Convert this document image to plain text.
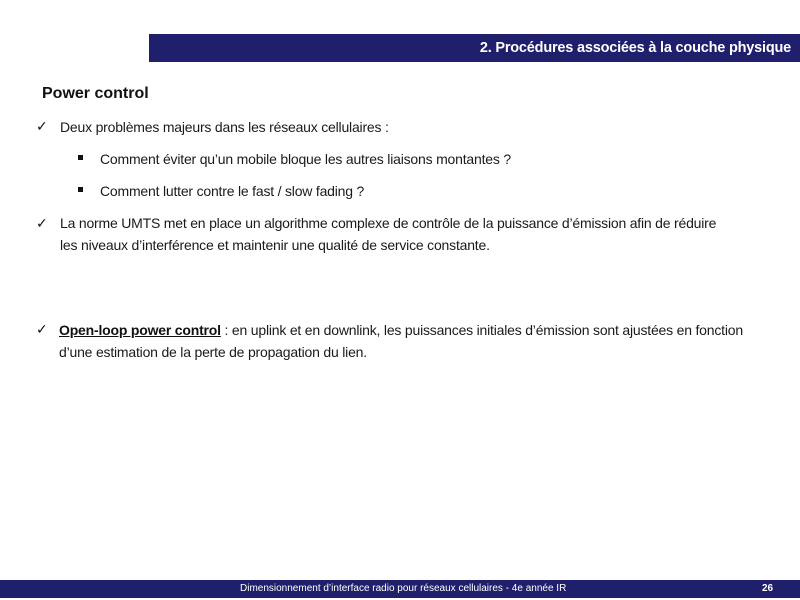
2. Procédures associées à la couche physique
Power control
✓ Deux problèmes majeurs dans les réseaux cellulaires :
Comment éviter qu’un mobile bloque les autres liaisons montantes ?
Comment lutter contre le fast / slow fading ?
✓ La norme UMTS met en place un algorithme complexe de contrôle de la puissance d’émission afin de réduire
les niveaux d’interférence et maintenir une qualité de service constante.
✓ Open-loop power control : en uplink et en downlink, les puissances initiales d’émission sont ajustées en fonction
d’une estimation de la perte de propagation du lien.
Dimensionnement d’interface radio pour réseaux cellulaires - 4e année IR	26
